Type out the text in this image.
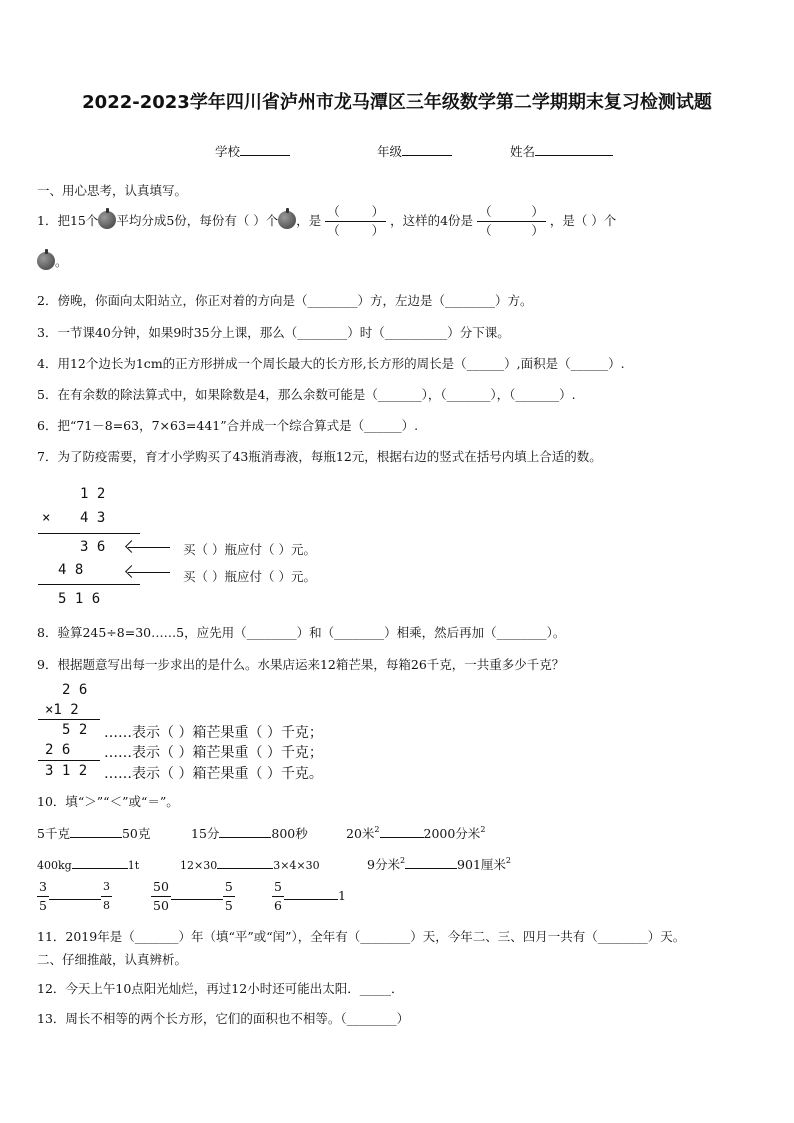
2022-2023学年四川省泸州市龙马潭区三年级数学第二学期期末复习检测试题
学校	年级	姓名
一、用心思考，认真填写。
1．把15个 平均分成5份，每份有（ ）个 ，是 （	）
（	） ，这样的4份是 （	）
（	） ，是（ ）个
。
2．傍晚，你面向太阳站立，你正对着的方向是（________）方，左边是（________）方。
3．一节课40分钟，如果9时35分上课，那么（________）时（__________）分下课。
4．用12个边长为1cm的正方形拼成一个周长最大的长方形,长方形的周长是（______）,面积是（______）.
5．在有余数的除法算式中，如果除数是4，那么余数可能是（_______），（_______），（_______）.
6．把“71－8=63，7×63=441”合并成一个综合算式是（______）.
7．为了防疫需要，育才小学购买了43瓶消毒液，每瓶12元，根据右边的竖式在括号内填上合适的数。
1 2
× 4 3
3 6	买（ ）瓶应付（ ）元。
4 8	买（ ）瓶应付（ ）元。
5 1 6
8．验算245÷8=30……5，应先用（________）和（________）相乘，然后再加（________）。
9．根据题意写出每一步求出的是什么。水果店运来12箱芒果，每箱26千克，一共重多少千克？
2 6
×1 2
5 2 ……表示（ ）箱芒果重（ ）千克；
2 6 ……表示（ ）箱芒果重（ ）千克；
3 1 2 ……表示（ ）箱芒果重（ ）千克。
10．填“＞”“＜”或“＝”。
5千克	50克	15分	800秒	20米$^2$	2000分米$^2$
400kg	1t	12×30	3×4×30	9分米$^2$	901厘米$^2$
$\frac{3}{5}$	$\frac{3}{8}$	$\frac{50}{50}$	$\frac{5}{5}$	$\frac{5}{6}$	1
11．2019年是（_______）年（填“平”或“闰”），全年有（________）天，今年二、三、四月一共有（________）天。
二、仔细推敲，认真辨析。
12．今天上午10点阳光灿烂，再过12小时还可能出太阳．_____．
13．周长不相等的两个长方形，它们的面积也不相等。（________）
